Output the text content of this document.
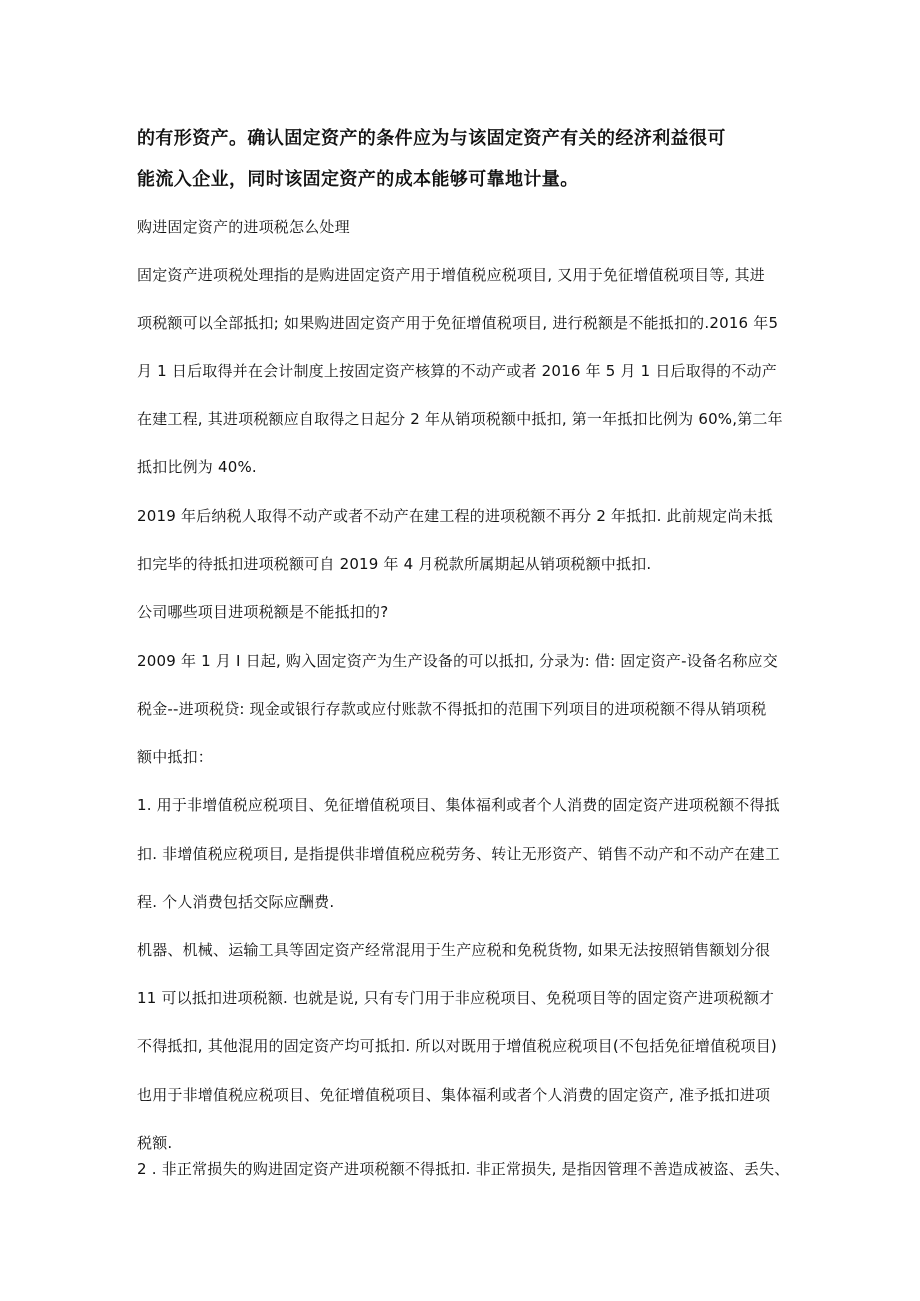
的有形资产。确认固定资产的条件应为与该固定资产有关的经济利益很可
能流入企业，同时该固定资产的成本能够可靠地计量。
购进固定资产的进项税怎么处理
固定资产进项税处理指的是购进固定资产用于增值税应税项目, 又用于免征增值税项目等, 其进
项税额可以全部抵扣; 如果购进固定资产用于免征增值税项目, 进行税额是不能抵扣的.2016 年5
月 1 日后取得并在会计制度上按固定资产核算的不动产或者 2016 年 5 月 1 日后取得的不动产
在建工程, 其进项税额应自取得之日起分 2 年从销项税额中抵扣, 第一年抵扣比例为 60%,第二年
抵扣比例为 40%.
2019 年后纳税人取得不动产或者不动产在建工程的进项税额不再分 2 年抵扣. 此前规定尚未抵
扣完毕的待抵扣进项税额可自 2019 年 4 月税款所属期起从销项税额中抵扣.
公司哪些项目进项税额是不能抵扣的?
2009 年 1 月 I 日起, 购入固定资产为生产设备的可以抵扣, 分录为: 借: 固定资产-设备名称应交
税金--进项税贷: 现金或银行存款或应付账款不得抵扣的范围下列项目的进项税额不得从销项税
额中抵扣：
1. 用于非增值税应税项目、免征增值税项目、集体福利或者个人消费的固定资产进项税额不得抵
扣. 非增值税应税项目, 是指提供非增值税应税劳务、转让无形资产、销售不动产和不动产在建工
程. 个人消费包括交际应酬费.
机器、机械、运输工具等固定资产经常混用于生产应税和免税货物, 如果无法按照销售额划分很
11 可以抵扣进项税额. 也就是说, 只有专门用于非应税项目、免税项目等的固定资产进项税额才
不得抵扣, 其他混用的固定资产均可抵扣. 所以对既用于增值税应税项目(不包括免征增值税项目)
也用于非增值税应税项目、免征增值税项目、集体福利或者个人消费的固定资产, 准予抵扣进项
税额.
2 . 非正常损失的购进固定资产进项税额不得抵扣. 非正常损失, 是指因管理不善造成被盗、丢失、
